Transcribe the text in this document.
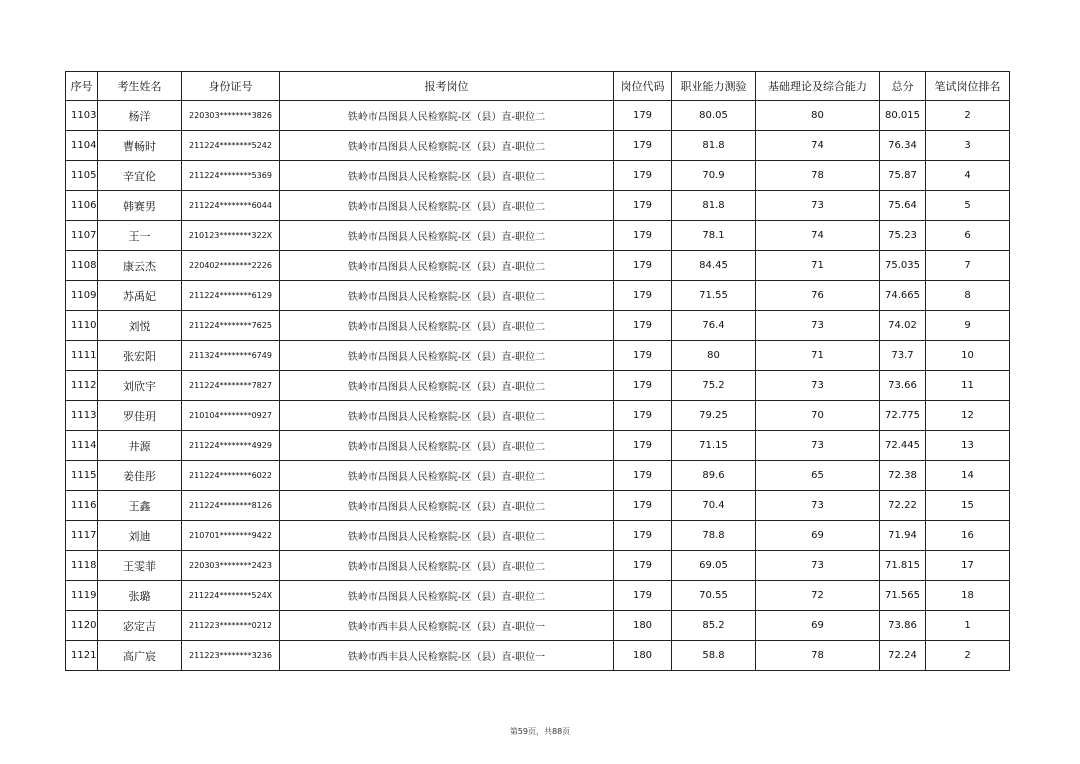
序号	考生姓名	身份证号	报考岗位	岗位代码	职业能力测验	基础理论及综合能力	总分	笔试岗位排名
1103	杨洋	220303********3826	铁岭市昌图县人民检察院-区（县）直-职位二	179	80.05	80	80.015	2
1104	曹畅时	211224********5242	铁岭市昌图县人民检察院-区（县）直-职位二	179	81.8	74	76.34	3
1105	辛宜伦	211224********5369	铁岭市昌图县人民检察院-区（县）直-职位二	179	70.9	78	75.87	4
1106	韩赛男	211224********6044	铁岭市昌图县人民检察院-区（县）直-职位二	179	81.8	73	75.64	5
1107	王一	210123********322X	铁岭市昌图县人民检察院-区（县）直-职位二	179	78.1	74	75.23	6
1108	康云杰	220402********2226	铁岭市昌图县人民检察院-区（县）直-职位二	179	84.45	71	75.035	7
1109	苏禹妃	211224********6129	铁岭市昌图县人民检察院-区（县）直-职位二	179	71.55	76	74.665	8
1110	刘悦	211224********7625	铁岭市昌图县人民检察院-区（县）直-职位二	179	76.4	73	74.02	9
1111	张宏阳	211324********6749	铁岭市昌图县人民检察院-区（县）直-职位二	179	80	71	73.7	10
1112	刘欣宇	211224********7827	铁岭市昌图县人民检察院-区（县）直-职位二	179	75.2	73	73.66	11
1113	罗佳玥	210104********0927	铁岭市昌图县人民检察院-区（县）直-职位二	179	79.25	70	72.775	12
1114	井源	211224********4929	铁岭市昌图县人民检察院-区（县）直-职位二	179	71.15	73	72.445	13
1115	姜佳彤	211224********6022	铁岭市昌图县人民检察院-区（县）直-职位二	179	89.6	65	72.38	14
1116	王鑫	211224********8126	铁岭市昌图县人民检察院-区（县）直-职位二	179	70.4	73	72.22	15
1117	刘迪	210701********9422	铁岭市昌图县人民检察院-区（县）直-职位二	179	78.8	69	71.94	16
1118	王雯菲	220303********2423	铁岭市昌图县人民检察院-区（县）直-职位二	179	69.05	73	71.815	17
1119	张璐	211224********524X	铁岭市昌图县人民检察院-区（县）直-职位二	179	70.55	72	71.565	18
1120	宓定吉	211223********0212	铁岭市西丰县人民检察院-区（县）直-职位一	180	85.2	69	73.86	1
1121	高广宸	211223********3236	铁岭市西丰县人民检察院-区（县）直-职位一	180	58.8	78	72.24	2
第59页，共88页
